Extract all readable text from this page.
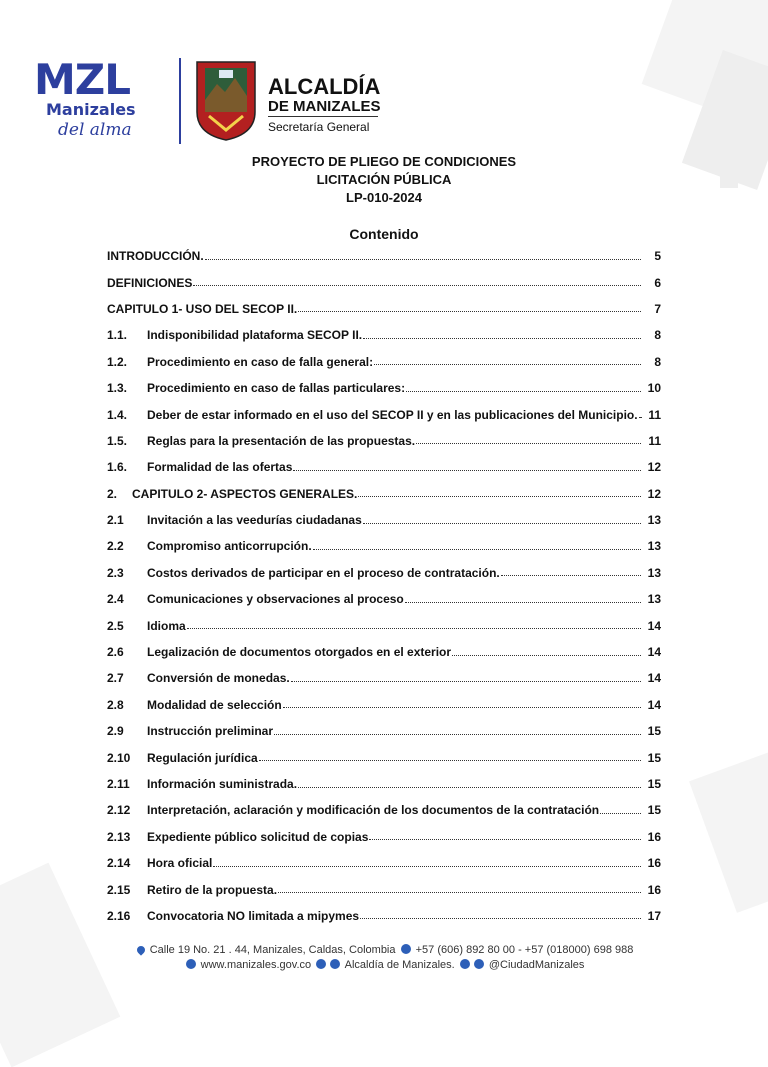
MZL
Manizales
del alma
ALCALDÍA
DE MANIZALES
Secretaría General
PROYECTO DE PLIEGO DE CONDICIONES
LICITACIÓN PÚBLICA
LP-010-2024
Contenido
INTRODUCCIÓN.	5
DEFINICIONES	6
CAPITULO 1- USO DEL SECOP II.	7
1.1.	Indisponibilidad plataforma SECOP II.	8
1.2.	Procedimiento en caso de falla general:	8
1.3.	Procedimiento en caso de fallas particulares:	10
1.4.	Deber de estar informado en el uso del SECOP II y en las publicaciones del Municipio. 11
1.5.	Reglas para la presentación de las propuestas.	11
1.6.	Formalidad de las ofertas	12
2.	CAPITULO 2- ASPECTOS GENERALES.	12
2.1	Invitación a las veedurías ciudadanas	13
2.2	Compromiso anticorrupción.	13
2.3	Costos derivados de participar en el proceso de contratación.	13
2.4	Comunicaciones y observaciones al proceso	13
2.5	Idioma	14
2.6	Legalización de documentos otorgados en el exterior	14
2.7	Conversión de monedas.	14
2.8	Modalidad de selección	14
2.9	Instrucción preliminar	15
2.10	Regulación jurídica	15
2.11	Información suministrada.	15
2.12	Interpretación, aclaración y modificación de los documentos de la contratación	15
2.13	Expediente público solicitud de copias	16
2.14	Hora oficial	16
2.15	Retiro de la propuesta.	16
2.16	Convocatoria NO limitada a mipymes	17
Calle 19 No. 21 . 44, Manizales, Caldas, Colombia +57 (606) 892 80 00 - +57 (018000) 698 988
www.manizales.gov.co	Alcaldía de Manizales.	@CiudadManizales
